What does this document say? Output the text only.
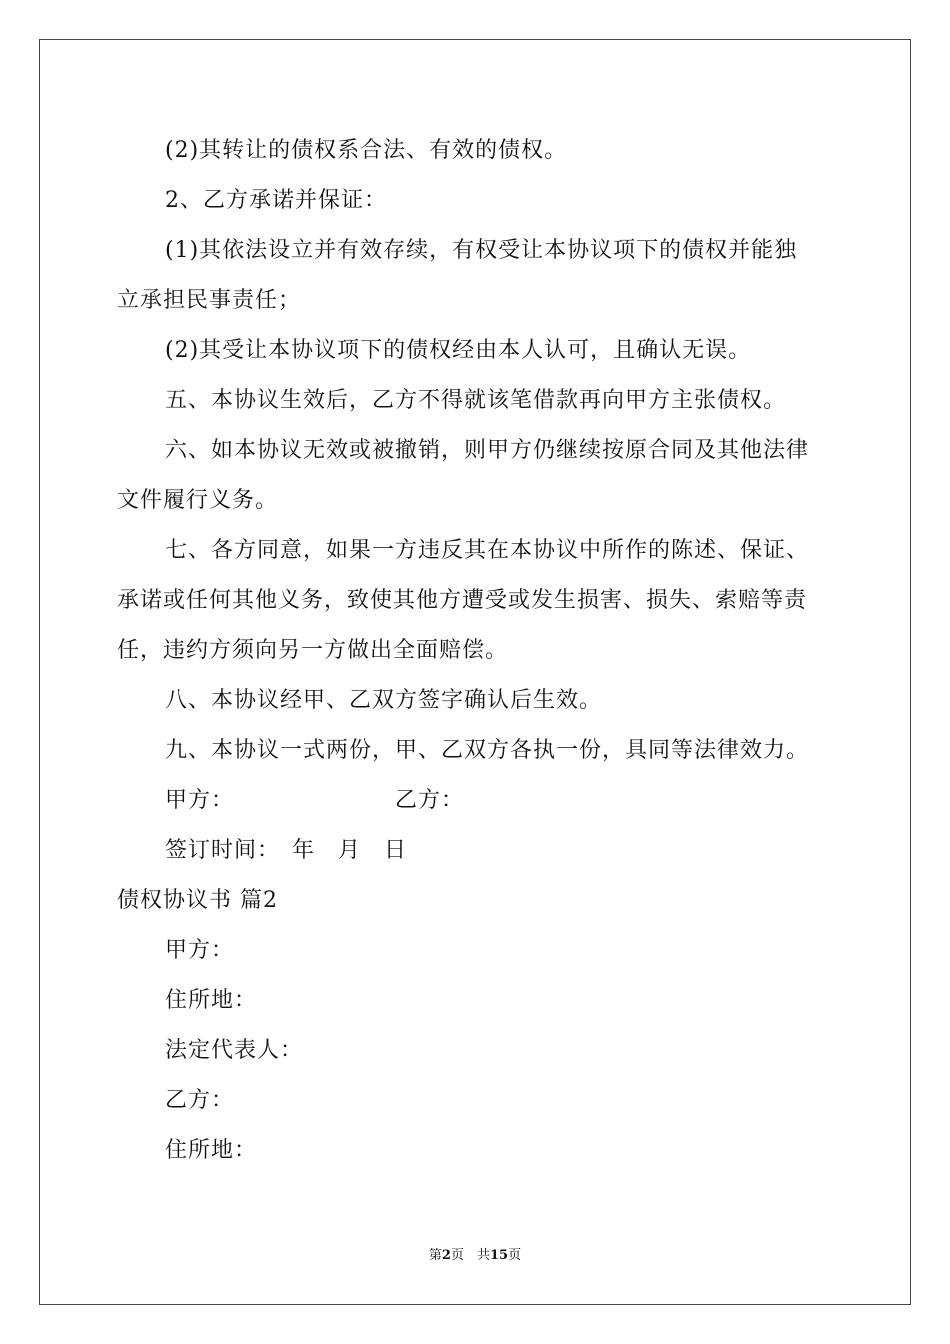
(2)其转让的债权系合法、有效的债权。
2、乙方承诺并保证：
(1)其依法设立并有效存续，有权受让本协议项下的债权并能独
立承担民事责任；
(2)其受让本协议项下的债权经由本人认可，且确认无误。
五、本协议生效后，乙方不得就该笔借款再向甲方主张债权。
六、如本协议无效或被撤销，则甲方仍继续按原合同及其他法律
文件履行义务。
七、各方同意，如果一方违反其在本协议中所作的陈述、保证、
承诺或任何其他义务，致使其他方遭受或发生损害、损失、索赔等责
任，违约方须向另一方做出全面赔偿。
八、本协议经甲、乙双方签字确认后生效。
九、本协议一式两份，甲、乙双方各执一份，具同等法律效力。
甲方：	乙方：
签订时间：　年　月　日
债权协议书 篇2
甲方：
住所地：
法定代表人：
乙方：
住所地：
第2页　共15页
